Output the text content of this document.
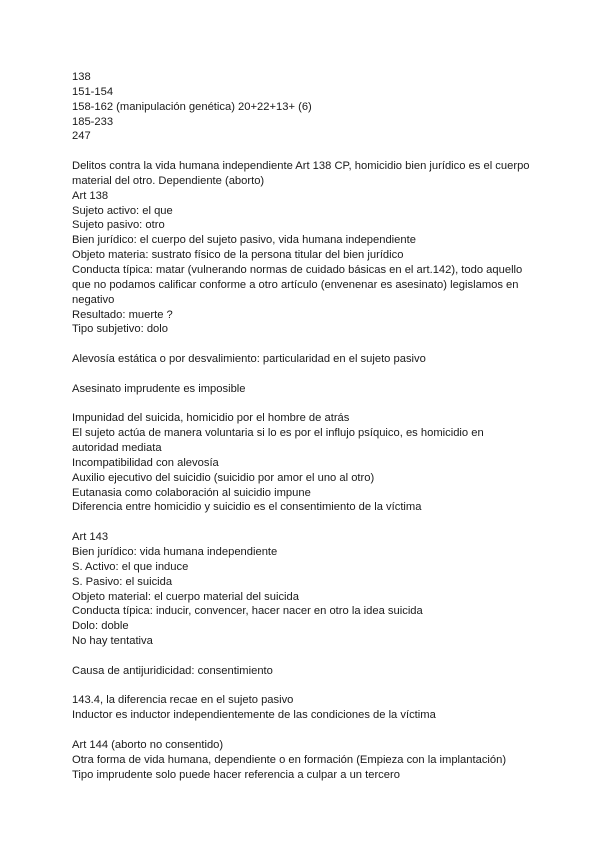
138
151-154
158-162 (manipulación genética) 20+22+13+ (6)
185-233
247
Delitos contra la vida humana independiente Art 138 CP, homicidio bien jurídico es el cuerpo
material del otro. Dependiente (aborto)
Art 138
Sujeto activo: el que
Sujeto pasivo: otro
Bien jurídico: el cuerpo del sujeto pasivo, vida humana independiente
Objeto materia: sustrato físico de la persona titular del bien jurídico
Conducta típica: matar (vulnerando normas de cuidado básicas en el art.142), todo aquello
que no podamos calificar conforme a otro artículo (envenenar es asesinato) legislamos en
negativo
Resultado: muerte ?
Tipo subjetivo: dolo
Alevosía estática o por desvalimiento: particularidad en el sujeto pasivo
Asesinato imprudente es imposible
Impunidad del suicida, homicidio por el hombre de atrás
El sujeto actúa de manera voluntaria si lo es por el influjo psíquico, es homicidio en
autoridad mediata
Incompatibilidad con alevosía
Auxilio ejecutivo del suicidio (suicidio por amor el uno al otro)
Eutanasia como colaboración al suicidio impune
Diferencia entre homicidio y suicidio es el consentimiento de la víctima
Art 143
Bien jurídico: vida humana independiente
S. Activo: el que induce
S. Pasivo: el suicida
Objeto material: el cuerpo material del suicida
Conducta típica: inducir, convencer, hacer nacer en otro la idea suicida
Dolo: doble
No hay tentativa
Causa de antijuridicidad: consentimiento
143.4, la diferencia recae en el sujeto pasivo
Inductor es inductor independientemente de las condiciones de la víctima
Art 144 (aborto no consentido)
Otra forma de vida humana, dependiente o en formación (Empieza con la implantación)
Tipo imprudente solo puede hacer referencia a culpar a un tercero
